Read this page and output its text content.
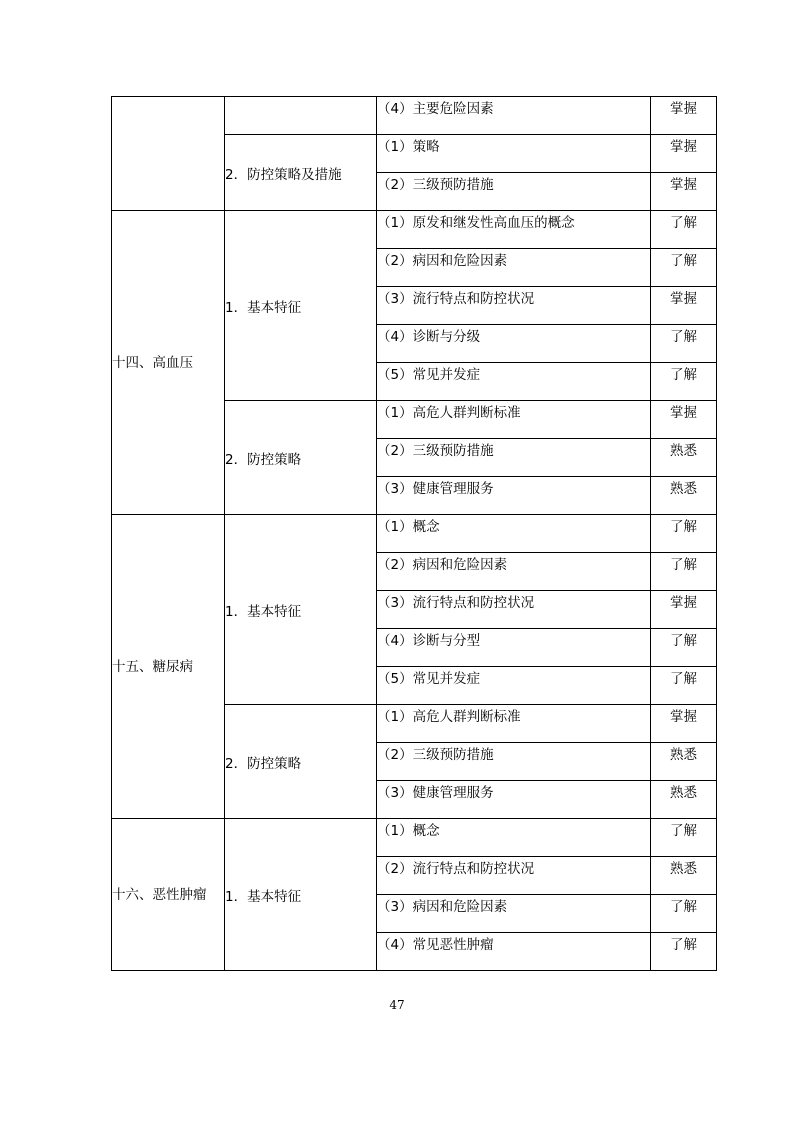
		（4）主要危险因素	掌握
	2．防控策略及措施	（1）策略	掌握
		（2）三级预防措施	掌握
十四、高血压	1．基本特征	（1）原发和继发性高血压的概念	了解
		（2）病因和危险因素	了解
		（3）流行特点和防控状况	掌握
		（4）诊断与分级	了解
		（5）常见并发症	了解
	2．防控策略	（1）高危人群判断标准	掌握
		（2）三级预防措施	熟悉
		（3）健康管理服务	熟悉
十五、糖尿病	1．基本特征	（1）概念	了解
		（2）病因和危险因素	了解
		（3）流行特点和防控状况	掌握
		（4）诊断与分型	了解
		（5）常见并发症	了解
	2．防控策略	（1）高危人群判断标准	掌握
		（2）三级预防措施	熟悉
		（3）健康管理服务	熟悉
十六、恶性肿瘤	1．基本特征	（1）概念	了解
		（2）流行特点和防控状况	熟悉
		（3）病因和危险因素	了解
		（4）常见恶性肿瘤	了解
47
